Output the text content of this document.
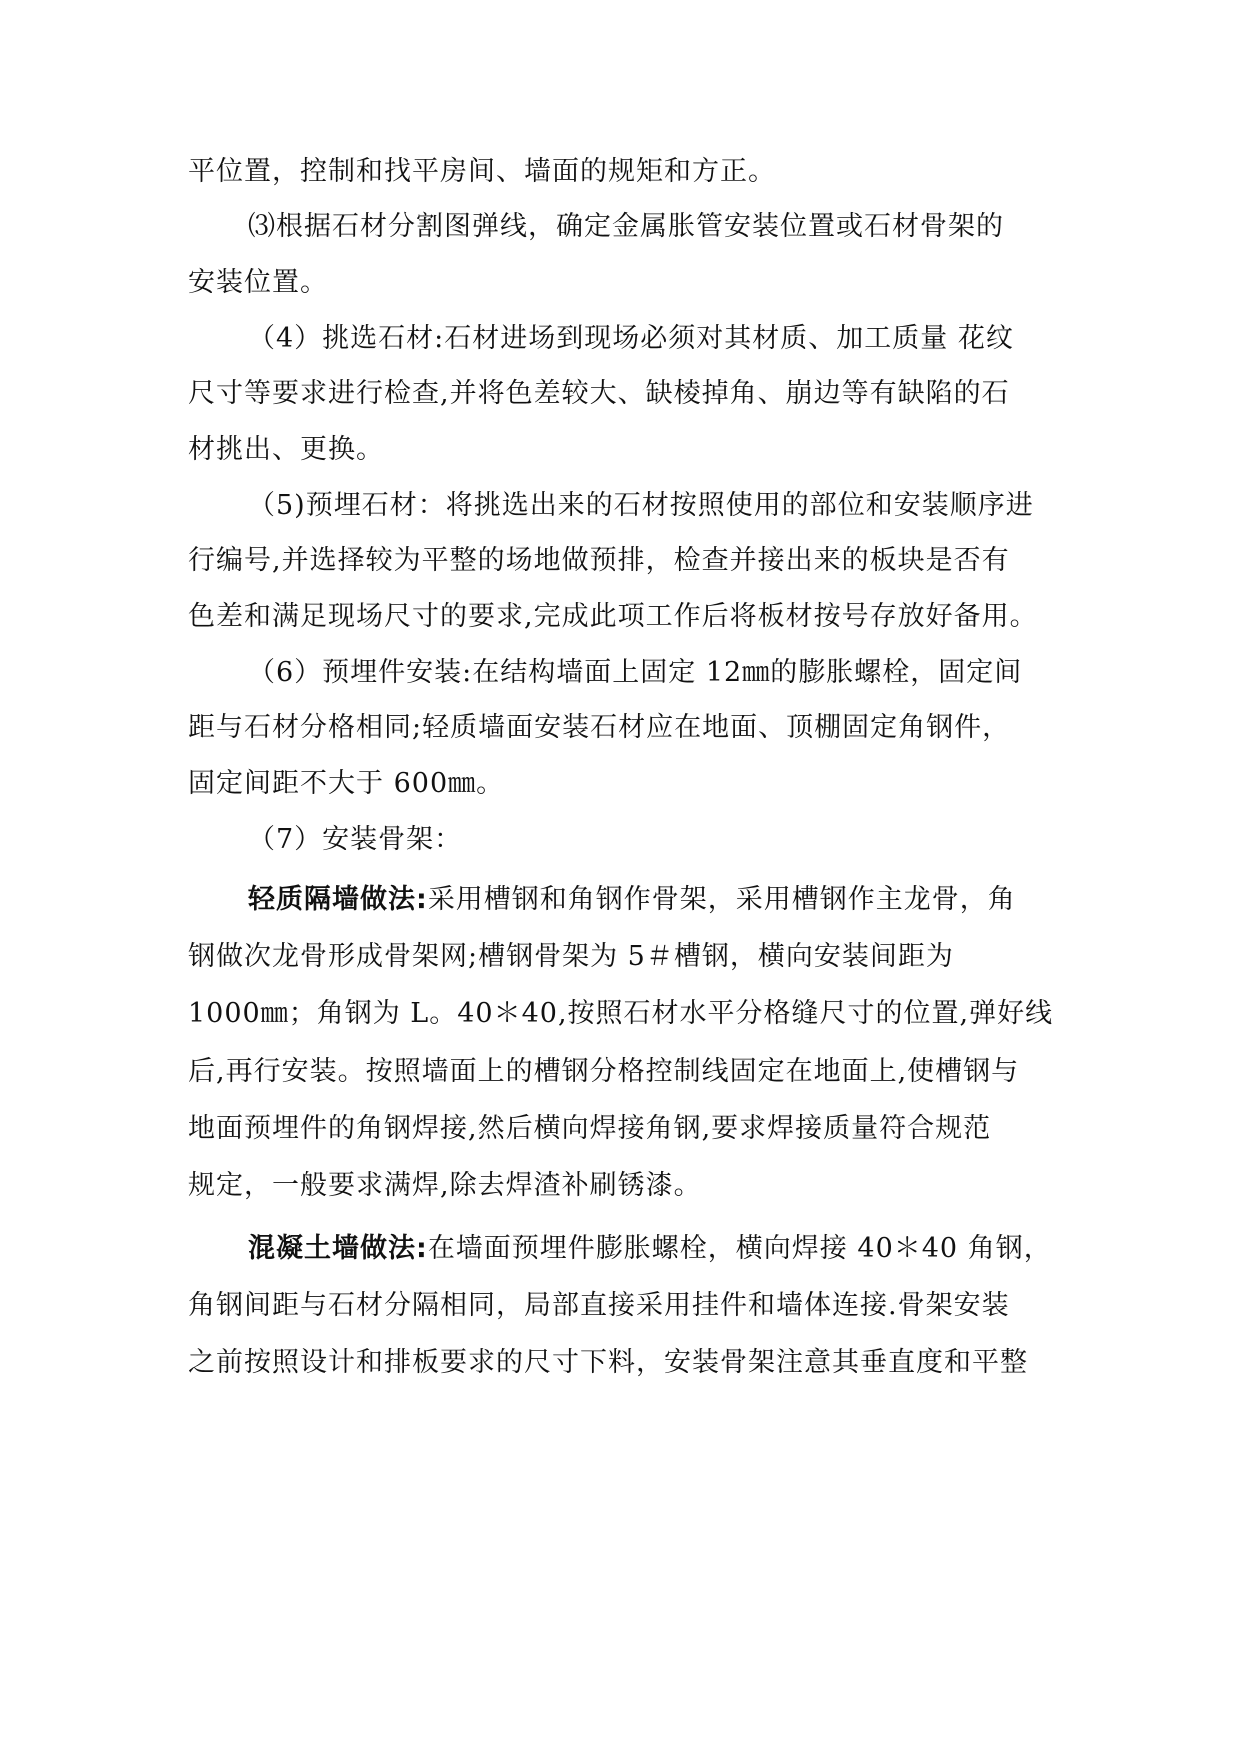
平位置，控制和找平房间、墙面的规矩和方正。
⑶根据石材分割图弹线，确定金属胀管安装位置或石材骨架的
安装位置。
（4）挑选石材:石材进场到现场必须对其材质、加工质量 花纹
尺寸等要求进行检查,并将色差较大、缺棱掉角、崩边等有缺陷的石
材挑出、更换。
（5)预埋石材：将挑选出来的石材按照使用的部位和安装顺序进
行编号,并选择较为平整的场地做预排，检查并接出来的板块是否有
色差和满足现场尺寸的要求,完成此项工作后将板材按号存放好备用。
（6）预埋件安装:在结构墙面上固定 12㎜的膨胀螺栓，固定间
距与石材分格相同;轻质墙面安装石材应在地面、顶棚固定角钢件，
固定间距不大于 600㎜。
（7）安装骨架：
轻质隔墙做法:采用槽钢和角钢作骨架，采用槽钢作主龙骨，角
钢做次龙骨形成骨架网;槽钢骨架为 5＃槽钢，横向安装间距为
1000㎜；角钢为 L。40＊40,按照石材水平分格缝尺寸的位置,弹好线
后,再行安装。按照墙面上的槽钢分格控制线固定在地面上,使槽钢与
地面预埋件的角钢焊接,然后横向焊接角钢,要求焊接质量符合规范
规定，一般要求满焊,除去焊渣补刷锈漆。
混凝土墙做法:在墙面预埋件膨胀螺栓，横向焊接 40＊40 角钢，
角钢间距与石材分隔相同，局部直接采用挂件和墙体连接.骨架安装
之前按照设计和排板要求的尺寸下料，安装骨架注意其垂直度和平整
